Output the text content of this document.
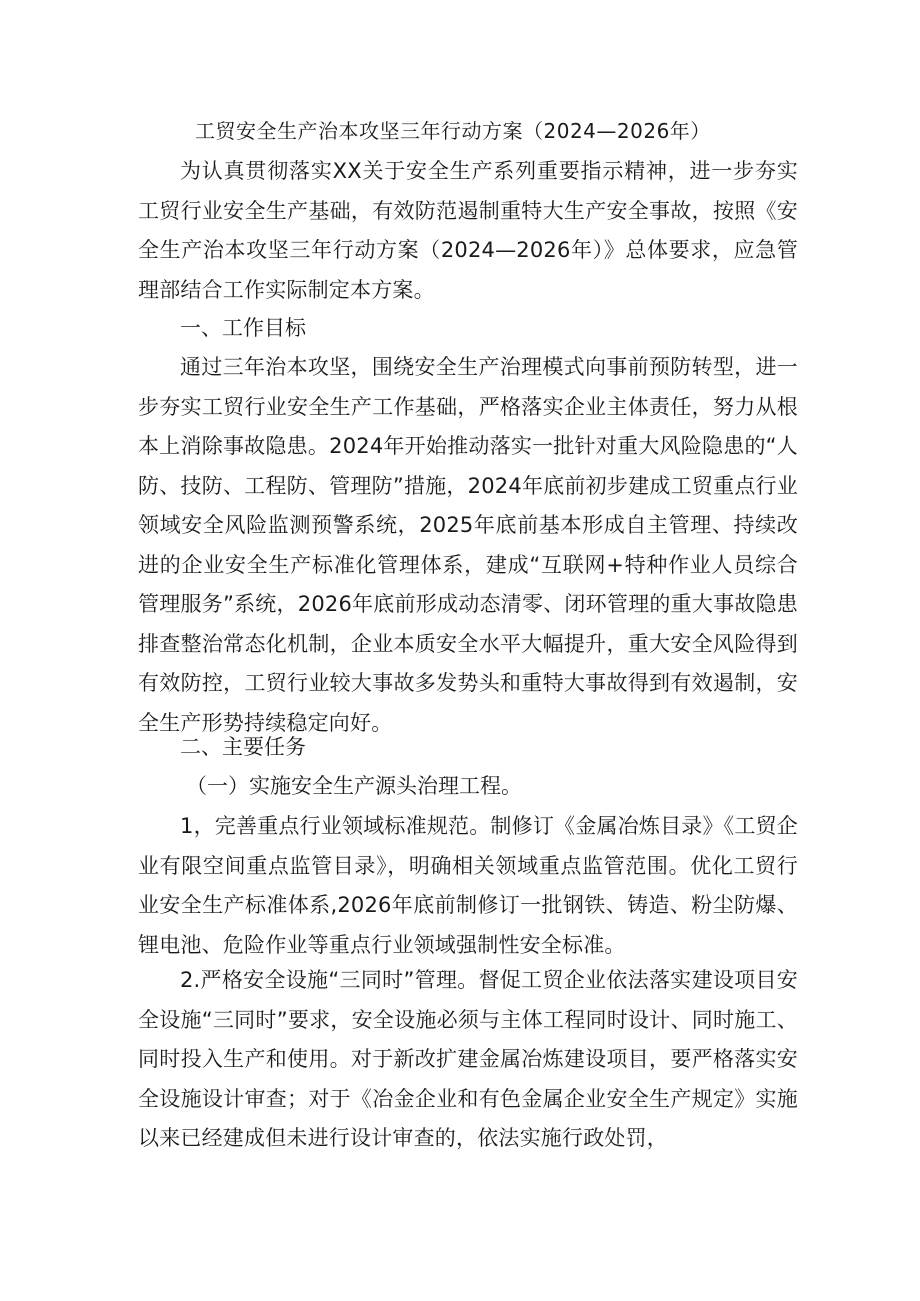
工贸安全生产治本攻坚三年行动方案（2024—2026年）
为认真贯彻落实XX关于安全生产系列重要指示精神，进一步夯实工贸行业安全生产基础，有效防范遏制重特大生产安全事故，按照《安全生产治本攻坚三年行动方案（2024—2026年）》总体要求，应急管理部结合工作实际制定本方案。
一、工作目标
通过三年治本攻坚，围绕安全生产治理模式向事前预防转型，进一步夯实工贸行业安全生产工作基础，严格落实企业主体责任，努力从根本上消除事故隐患。2024年开始推动落实一批针对重大风险隐患的“人防、技防、工程防、管理防”措施，2024年底前初步建成工贸重点行业领域安全风险监测预警系统，2025年底前基本形成自主管理、持续改进的企业安全生产标准化管理体系，建成“互联网+特种作业人员综合管理服务”系统，2026年底前形成动态清零、闭环管理的重大事故隐患排查整治常态化机制，企业本质安全水平大幅提升，重大安全风险得到有效防控，工贸行业较大事故多发势头和重特大事故得到有效遏制，安全生产形势持续稳定向好。
二、主要任务
（一）实施安全生产源头治理工程。
1，完善重点行业领域标准规范。制修订《金属冶炼目录》《工贸企业有限空间重点监管目录》，明确相关领域重点监管范围。优化工贸行业安全生产标准体系,2026年底前制修订一批钢铁、铸造、粉尘防爆、锂电池、危险作业等重点行业领域强制性安全标准。
2.严格安全设施“三同时”管理。督促工贸企业依法落实建设项目安全设施“三同时”要求，安全设施必须与主体工程同时设计、同时施工、同时投入生产和使用。对于新改扩建金属冶炼建设项目，要严格落实安全设施设计审查；对于《冶金企业和有色金属企业安全生产规定》实施以来已经建成但未进行设计审查的，依法实施行政处罚，
